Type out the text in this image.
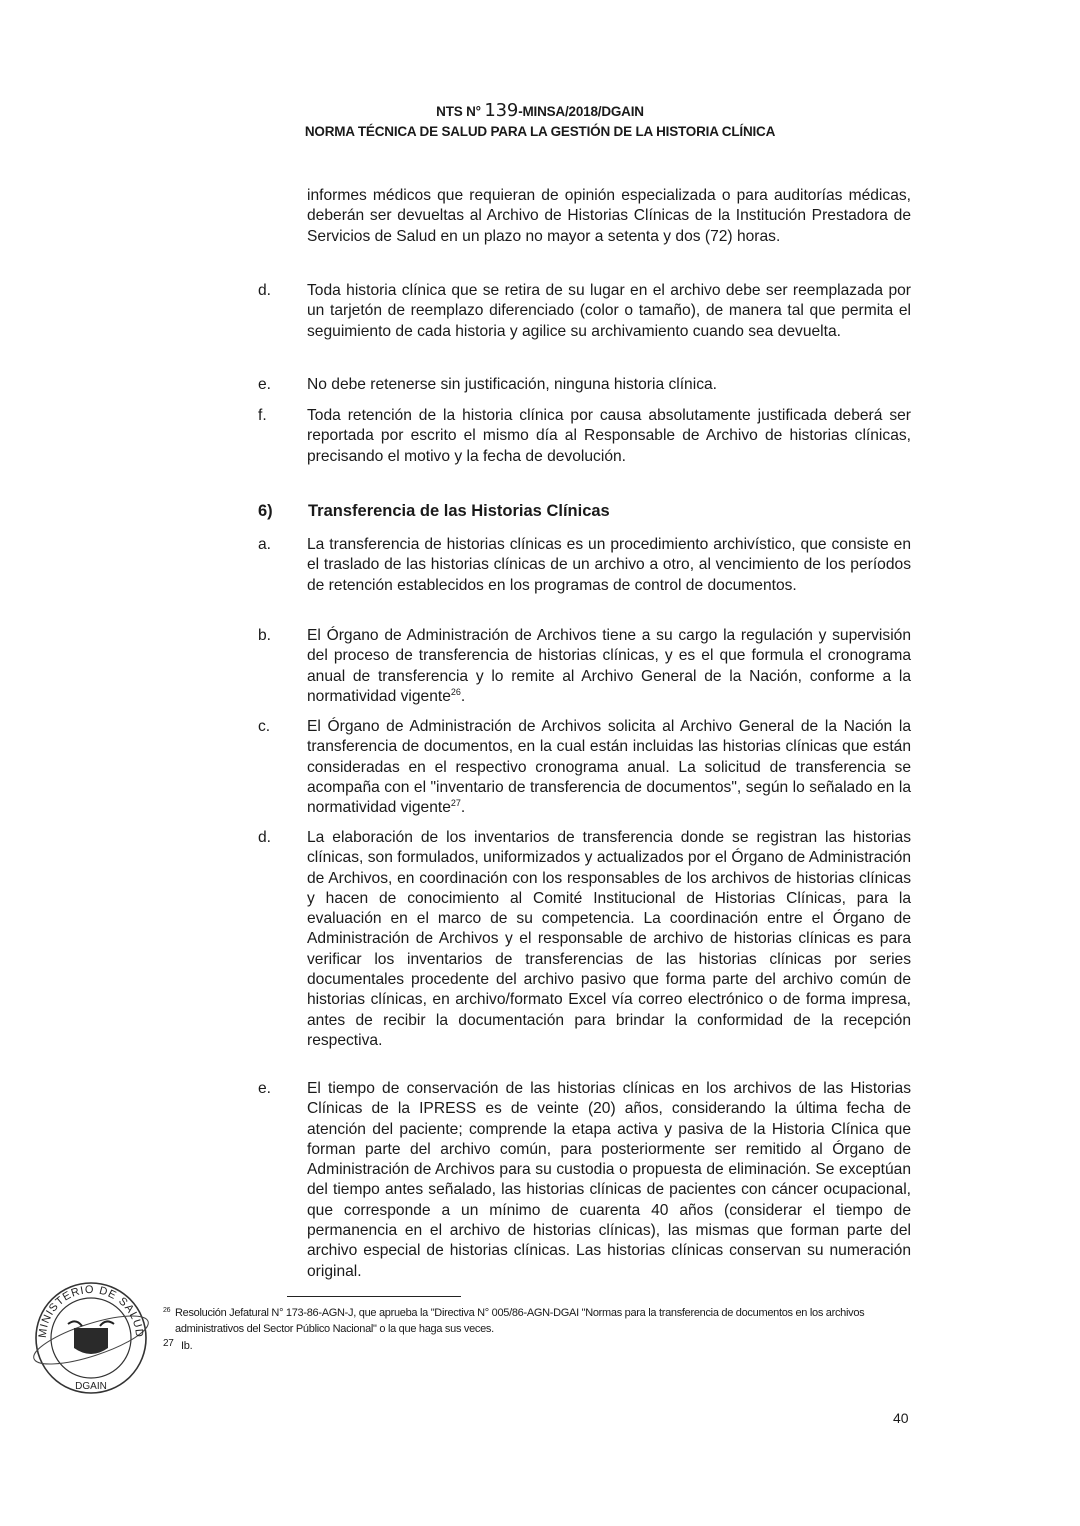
NTS N° 139-MINSA/2018/DGAIN
NORMA TÉCNICA DE SALUD PARA LA GESTIÓN DE LA HISTORIA CLÍNICA
informes médicos que requieran de opinión especializada o para auditorías médicas, deberán ser devueltas al Archivo de Historias Clínicas de la Institución Prestadora de Servicios de Salud en un plazo no mayor a setenta y dos (72) horas.
d. Toda historia clínica que se retira de su lugar en el archivo debe ser reemplazada por un tarjetón de reemplazo diferenciado (color o tamaño), de manera tal que permita el seguimiento de cada historia y agilice su archivamiento cuando sea devuelta.
e. No debe retenerse sin justificación, ninguna historia clínica.
f.	Toda retención de la historia clínica por causa absolutamente justificada deberá ser reportada por escrito el mismo día al Responsable de Archivo de historias clínicas, precisando el motivo y la fecha de devolución.
6) Transferencia de las Historias Clínicas
a. La transferencia de historias clínicas es un procedimiento archivístico, que consiste en el traslado de las historias clínicas de un archivo a otro, al vencimiento de los períodos de retención establecidos en los programas de control de documentos.
b. El Órgano de Administración de Archivos tiene a su cargo la regulación y supervisión del proceso de transferencia de historias clínicas, y es el que formula el cronograma anual de transferencia y lo remite al Archivo General de la Nación, conforme a la normatividad vigente$^{26}$.
c. El Órgano de Administración de Archivos solicita al Archivo General de la Nación la transferencia de documentos, en la cual están incluidas las historias clínicas que están consideradas en el respectivo cronograma anual. La solicitud de transferencia se acompaña con el "inventario de transferencia de documentos", según lo señalado en la normatividad vigente$^{27}$.
d. La elaboración de los inventarios de transferencia donde se registran las historias clínicas, son formulados, uniformizados y actualizados por el Órgano de Administración de Archivos, en coordinación con los responsables de los archivos de historias clínicas y hacen de conocimiento al Comité Institucional de Historias Clínicas, para la evaluación en el marco de su competencia. La coordinación entre el Órgano de Administración de Archivos y el responsable de archivo de historias clínicas es para verificar los inventarios de transferencias de las historias clínicas por series documentales procedente del archivo pasivo que forma parte del archivo común de historias clínicas, en archivo/formato Excel vía correo electrónico o de forma impresa, antes de recibir la documentación para brindar la conformidad de la recepción respectiva.
e. El tiempo de conservación de las historias clínicas en los archivos de las Historias Clínicas de la IPRESS es de veinte (20) años, considerando la última fecha de atención del paciente; comprende la etapa activa y pasiva de la Historia Clínica que forman parte del archivo común, para posteriormente ser remitido al Órgano de Administración de Archivos para su custodia o propuesta de eliminación. Se exceptúan del tiempo antes señalado, las historias clínicas de pacientes con cáncer ocupacional, que corresponde a un mínimo de cuarenta 40 años (considerar el tiempo de permanencia en el archivo de historias clínicas), las mismas que forman parte del archivo especial de historias clínicas. Las historias clínicas conservan su numeración original.
26 Resolución Jefatural N° 173-86-AGN-J, que aprueba la "Directiva N° 005/86-AGN-DGAI "Normas para la transferencia de documentos en los archivos administrativos del Sector Público Nacional" o la que haga sus veces.
27 Ib.
MINISTERIO DE SALUD
DGAIN
40
